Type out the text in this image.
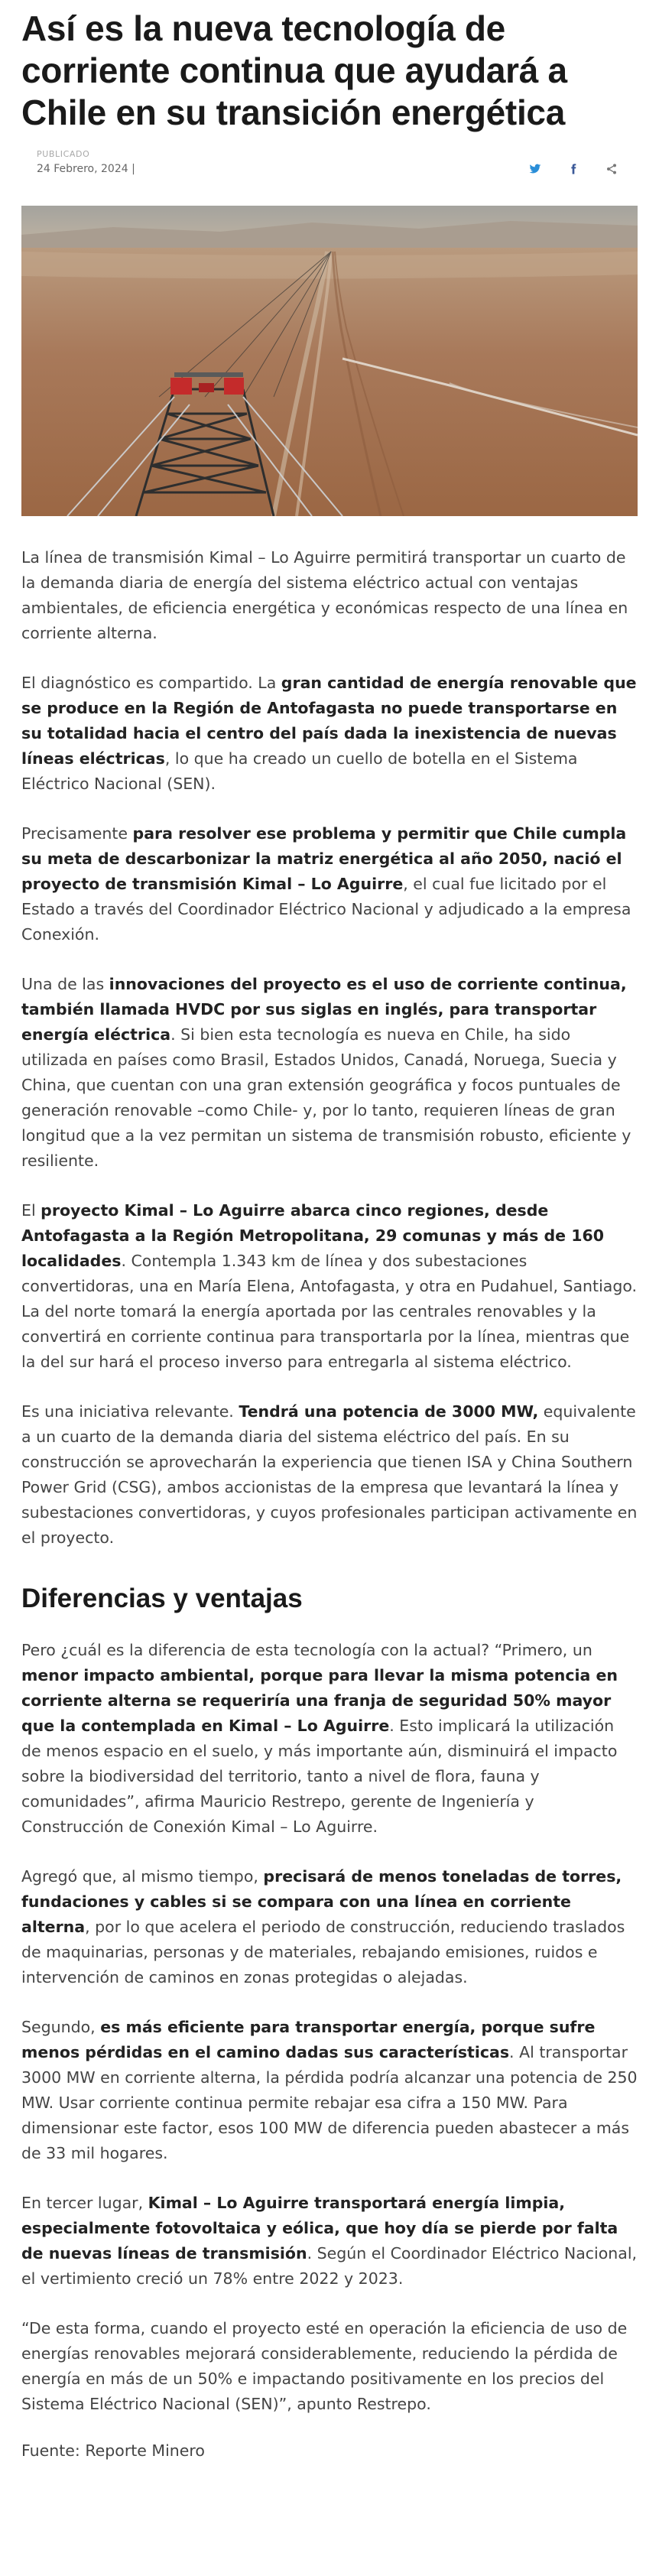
Así es la nueva tecnología de corriente continua que ayudará a Chile en su transición energética
PUBLICADO
24 Febrero, 2024 |

La línea de transmisión Kimal – Lo Aguirre permitirá transportar un cuarto de la demanda diaria de energía del sistema eléctrico actual con ventajas ambientales, de eficiencia energética y económicas respecto de una línea en corriente alterna.

El diagnóstico es compartido. La gran cantidad de energía renovable que se produce en la Región de Antofagasta no puede transportarse en su totalidad hacia el centro del país dada la inexistencia de nuevas líneas eléctricas, lo que ha creado un cuello de botella en el Sistema Eléctrico Nacional (SEN).

Precisamente para resolver ese problema y permitir que Chile cumpla su meta de descarbonizar la matriz energética al año 2050, nació el proyecto de transmisión Kimal – Lo Aguirre, el cual fue licitado por el Estado a través del Coordinador Eléctrico Nacional y adjudicado a la empresa Conexión.

Una de las innovaciones del proyecto es el uso de corriente continua, también llamada HVDC por sus siglas en inglés, para transportar energía eléctrica. Si bien esta tecnología es nueva en Chile, ha sido utilizada en países como Brasil, Estados Unidos, Canadá, Noruega, Suecia y China, que cuentan con una gran extensión geográfica y focos puntuales de generación renovable –como Chile- y, por lo tanto, requieren líneas de gran longitud que a la vez permitan un sistema de transmisión robusto, eficiente y resiliente.

El proyecto Kimal – Lo Aguirre abarca cinco regiones, desde Antofagasta a la Región Metropolitana, 29 comunas y más de 160 localidades. Contempla 1.343 km de línea y dos subestaciones convertidoras, una en María Elena, Antofagasta, y otra en Pudahuel, Santiago. La del norte tomará la energía aportada por las centrales renovables y la convertirá en corriente continua para transportarla por la línea, mientras que la del sur hará el proceso inverso para entregarla al sistema eléctrico.

Es una iniciativa relevante. Tendrá una potencia de 3000 MW, equivalente a un cuarto de la demanda diaria del sistema eléctrico del país. En su construcción se aprovecharán la experiencia que tienen ISA y China Southern Power Grid (CSG), ambos accionistas de la empresa que levantará la línea y subestaciones convertidoras, y cuyos profesionales participan activamente en el proyecto.

Diferencias y ventajas

Pero ¿cuál es la diferencia de esta tecnología con la actual? “Primero, un menor impacto ambiental, porque para llevar la misma potencia en corriente alterna se requeriría una franja de seguridad 50% mayor que la contemplada en Kimal – Lo Aguirre. Esto implicará la utilización de menos espacio en el suelo, y más importante aún, disminuirá el impacto sobre la biodiversidad del territorio, tanto a nivel de flora, fauna y comunidades”, afirma Mauricio Restrepo, gerente de Ingeniería y Construcción de Conexión Kimal – Lo Aguirre.

Agregó que, al mismo tiempo, precisará de menos toneladas de torres, fundaciones y cables si se compara con una línea en corriente alterna, por lo que acelera el periodo de construcción, reduciendo traslados de maquinarias, personas y de materiales, rebajando emisiones, ruidos e intervención de caminos en zonas protegidas o alejadas.

Segundo, es más eficiente para transportar energía, porque sufre menos pérdidas en el camino dadas sus características. Al transportar 3000 MW en corriente alterna, la pérdida podría alcanzar una potencia de 250 MW. Usar corriente continua permite rebajar esa cifra a 150 MW. Para dimensionar este factor, esos 100 MW de diferencia pueden abastecer a más de 33 mil hogares.

En tercer lugar, Kimal – Lo Aguirre transportará energía limpia, especialmente fotovoltaica y eólica, que hoy día se pierde por falta de nuevas líneas de transmisión. Según el Coordinador Eléctrico Nacional, el vertimiento creció un 78% entre 2022 y 2023.

“De esta forma, cuando el proyecto esté en operación la eficiencia de uso de energías renovables mejorará considerablemente, reduciendo la pérdida de energía en más de un 50% e impactando positivamente en los precios del Sistema Eléctrico Nacional (SEN)”, apunto Restrepo.

Fuente: Reporte Minero
